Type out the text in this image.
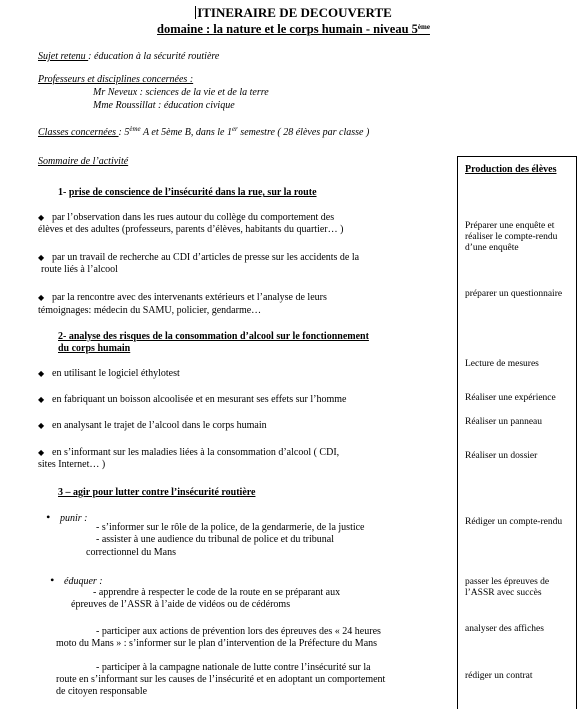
ITINERAIRE DE DECOUVERTE
domaine : la nature et le corps humain - niveau 5ème
Sujet retenu : éducation à la sécurité routière
Professeurs et disciplines concernées :
Mr Neveux : sciences de la vie et de la terre
Mme Roussillat : éducation civique
Classes concernées : 5ème A et 5ème B, dans le 1er semestre ( 28 élèves par classe )
Sommaire de l’activité
1- prise de conscience de l’insécurité dans la rue, sur la route
◆ par l’observation dans les rues autour du collège du comportement des
élèves et des adultes (professeurs, parents d’élèves, habitants du quartier… )
◆ par un travail de recherche au CDI d’articles de presse sur les accidents de la
route liés à l’alcool
◆ par la rencontre avec des intervenants extérieurs et l’analyse de leurs
témoignages: médecin du SAMU, policier, gendarme…
2- analyse des risques de la consommation d’alcool sur le fonctionnement
du corps humain
◆ en utilisant le logiciel éthylotest
◆ en fabriquant un boisson alcoolisée et en mesurant ses effets sur l’homme
◆ en analysant le trajet de l’alcool dans le corps humain
◆ en s’informant sur les maladies liées à la consommation d’alcool ( CDI,
sites Internet… )
3 – agir pour lutter contre l’insécurité routière
• punir :
- s’informer sur le rôle de la police, de la gendarmerie, de la justice
- assister à une audience du tribunal de police et du tribunal
correctionnel du Mans
• éduquer :
- apprendre à respecter le code de la route en se préparant aux
épreuves de l’ASSR à l’aide de vidéos ou de cédéroms
- participer aux actions de prévention lors des épreuves des « 24 heures
moto du Mans » : s’informer sur le plan d’intervention de la Préfecture du Mans
- participer à la campagne nationale de lutte contre l’insécurité sur la
route en s’informant sur les causes de l’insécurité et en adoptant un comportement
de citoyen responsable
Production des élèves
Préparer une enquête et
réaliser le compte-rendu
d’une enquête
préparer un questionnaire
Lecture de mesures
Réaliser une expérience
Réaliser un panneau
Réaliser un dossier
Rédiger un compte-rendu
passer les épreuves de
l’ASSR avec succès
analyser des affiches
rédiger un contrat
